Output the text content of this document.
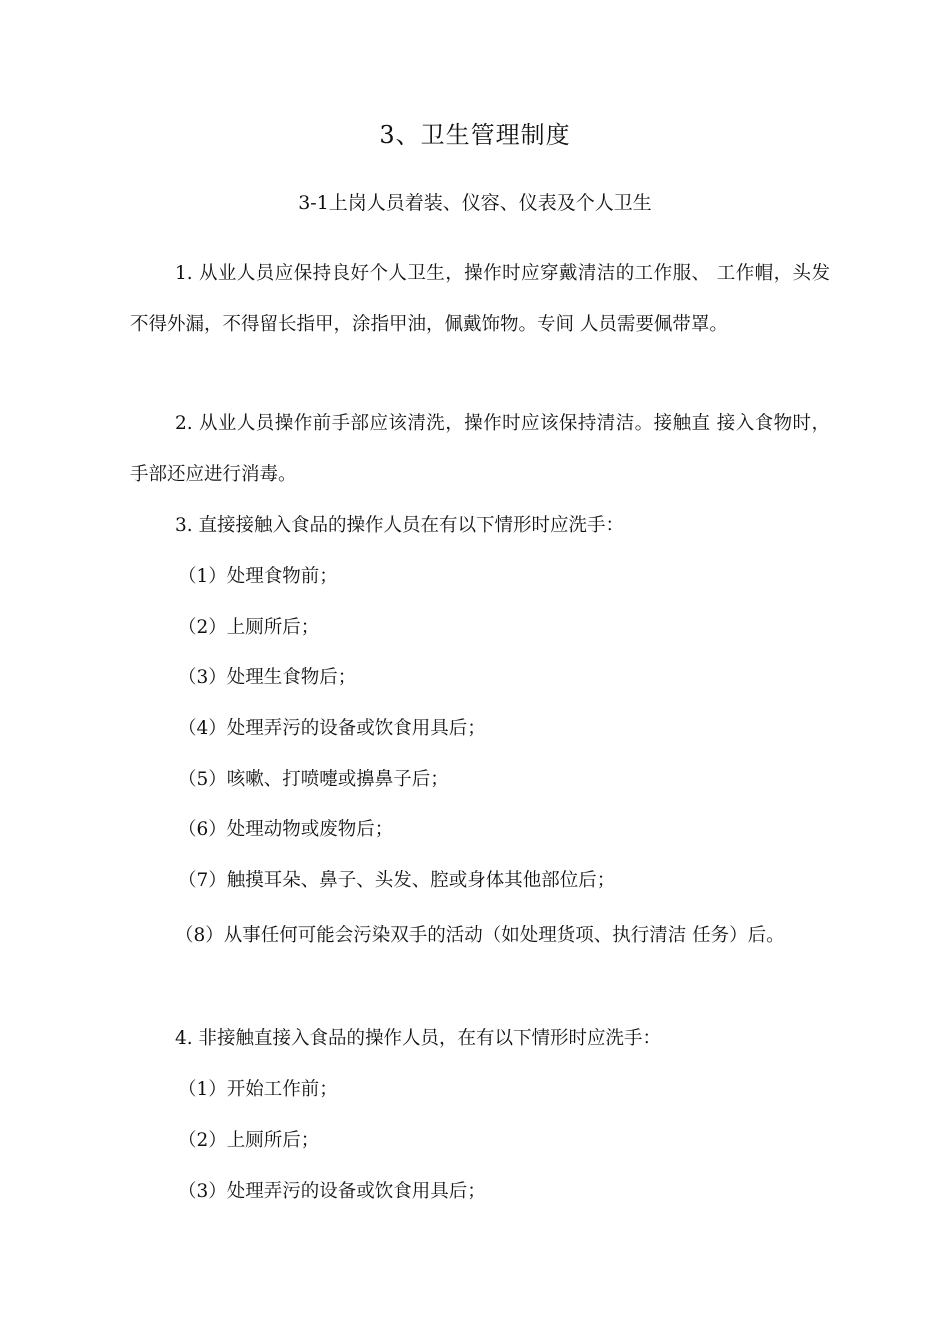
3、卫生管理制度
3-1上岗人员着装、仪容、仪表及个人卫生
1. 从业人员应保持良好个人卫生，操作时应穿戴清洁的工作服、 工作帽，头发不得外漏，不得留长指甲，涂指甲油，佩戴饰物。专间 人员需要佩带罩。
2. 从业人员操作前手部应该清洗，操作时应该保持清洁。接触直 接入食物时，手部还应进行消毒。
3. 直接接触入食品的操作人员在有以下情形时应洗手：
（1）处理食物前；
（2）上厕所后；
（3）处理生食物后；
（4）处理弄污的设备或饮食用具后；
（5）咳嗽、打喷嚏或擤鼻子后；
（6）处理动物或废物后；
（7）触摸耳朵、鼻子、头发、腔或身体其他部位后；
（8）从事任何可能会污染双手的活动（如处理货项、执行清洁 任务）后。
4. 非接触直接入食品的操作人员，在有以下情形时应洗手：
（1）开始工作前；
（2）上厕所后；
（3）处理弄污的设备或饮食用具后；
